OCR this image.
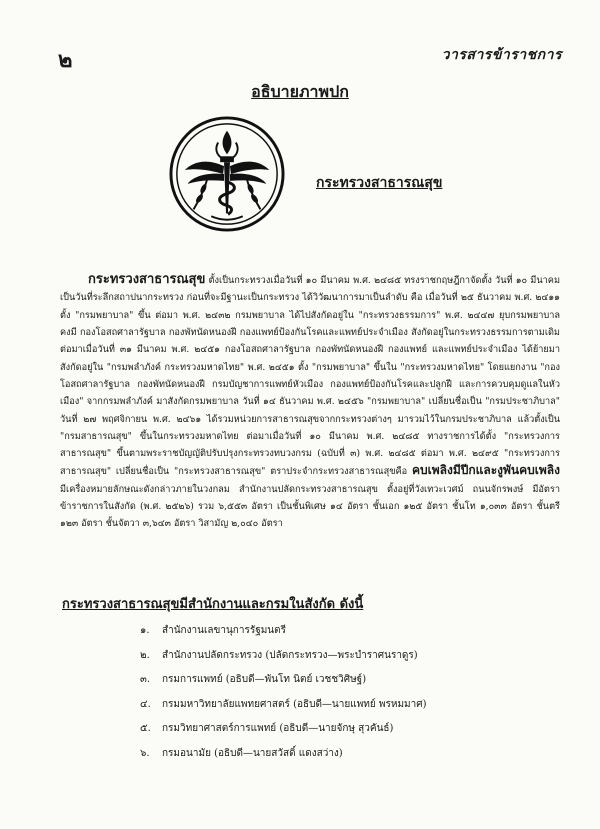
๒	วารสารข้าราชการ
อธิบายภาพปก
กระทรวงสาธารณสุข

กระทรวงสาธารณสุข ตั้งเป็นกระทรวงเมื่อวันที่ ๑๐ มีนาคม พ.ศ. ๒๔๘๕ ทรงราชกฤษฎีกาจัดตั้ง วันที่ ๑๐ มีนาคม เป็นวันที่ระลึกสถาปนากระทรวง ก่อนที่จะมีฐานะเป็นกระทรวง ได้วิวัฒนาการมาเป็นลำดับ คือ เมื่อวันที่ ๒๕ ธันวาคม พ.ศ. ๒๔๑๑ ตั้ง "กรมพยาบาล" ขึ้น ต่อมา พ.ศ. ๒๔๓๒ กรมพยาบาล ได้ไปสังกัดอยู่ใน "กระทรวงธรรมการ" พ.ศ. ๒๔๔๗ ยุบกรมพยาบาล คงมี กองโอสถศาลารัฐบาล กองพัทนัดหนองฝี กองแพทย์ป้องกันโรคและแพทย์ประจำเมือง สังกัดอยู่ในกระทรวงธรรมการตามเดิม ต่อมาเมื่อวันที่ ๓๑ มีนาคม พ.ศ. ๒๔๕๑ กองโอสถศาลารัฐบาล กองพัทนัดหนองฝี กองแพทย์ และแพทย์ประจำเมือง ได้ย้ายมาสังกัดอยู่ใน "กรมพลำภังค์ กระทรวงมหาดไทย" พ.ศ. ๒๔๕๑ ตั้ง "กรมพยาบาล" ขึ้นใน "กระทรวงมหาดไทย" โดยแยกงาน "กองโอสถศาลารัฐบาล กองพัทนัดหนองฝี กรมบัญชาการแพทย์หัวเมือง กองแพทย์ป้องกันโรคและปลูกฝี และการควบคุมดูแลในหัวเมือง" จากกรมพลำภังค์ มาสังกัดกรมพยาบาล วันที่ ๑๔ ธันวาคม พ.ศ. ๒๔๕๖ "กรมพยาบาล" เปลี่ยนชื่อเป็น "กรมประชาภิบาล" วันที่ ๒๗ พฤศจิกายน พ.ศ. ๒๔๖๑ ได้รวมหน่วยการสาธารณสุขจากกระทรวงต่างๆ มารวมไว้ในกรมประชาภิบาล แล้วตั้งเป็น "กรมสาธารณสุข" ขึ้นในกระทรวงมหาดไทย ต่อมาเมื่อวันที่ ๑๐ มีนาคม พ.ศ. ๒๔๘๕ ทางราชการได้ตั้ง "กระทรวงการสาธารณสุข" ขึ้นตามพระราชบัญญัติปรับปรุงกระทรวงทบวงกรม (ฉบับที่ ๓) พ.ศ. ๒๔๘๕ ต่อมา พ.ศ. ๒๔๙๕ "กระทรวงการสาธารณสุข" เปลี่ยนชื่อเป็น "กระทรวงสาธารณสุข" ตราประจำกระทรวงสาธารณสุขคือ คบเพลิงมีปีกและงูพันคบเพลิง มีเครื่องหมายลักษณะดังกล่าวภายในวงกลม สำนักงานปลัดกระทรวงสาธารณสุข ตั้งอยู่ที่วังเทวะเวศม์ ถนนจักรพงษ์ มีอัตราข้าราชการในสังกัด (พ.ศ. ๒๕๒๖) รวม ๖,๕๕๓ อัตรา เป็นชั้นพิเศษ ๑๔ อัตรา ชั้นเอก ๑๒๕ อัตรา ชั้นโท ๑,๐๓๓ อัตรา ชั้นตรี ๑๒๓ อัตรา ชั้นจัตวา ๓,๖๔๓ อัตรา วิสามัญ ๒,๐๔๐ อัตรา

กระทรวงสาธารณสุขมีสำนักงานและกรมในสังกัด ดังนี้
๑. สำนักงานเลขานุการรัฐมนตรี
๒. สำนักงานปลัดกระทรวง (ปลัดกระทรวง—พระบำราศนราดูร)
๓. กรมการแพทย์ (อธิบดี—พันโท นิตย์ เวชชวิศิษฐ์)
๔. กรมมหาวิทยาลัยแพทยศาสตร์ (อธิบดี—นายแพทย์ พรหมมาศ)
๕. กรมวิทยาศาสตร์การแพทย์ (อธิบดี—นายจักษุ สุวคันธ์)
๖. กรมอนามัย (อธิบดี—นายสวัสดิ์ แดงสว่าง)
